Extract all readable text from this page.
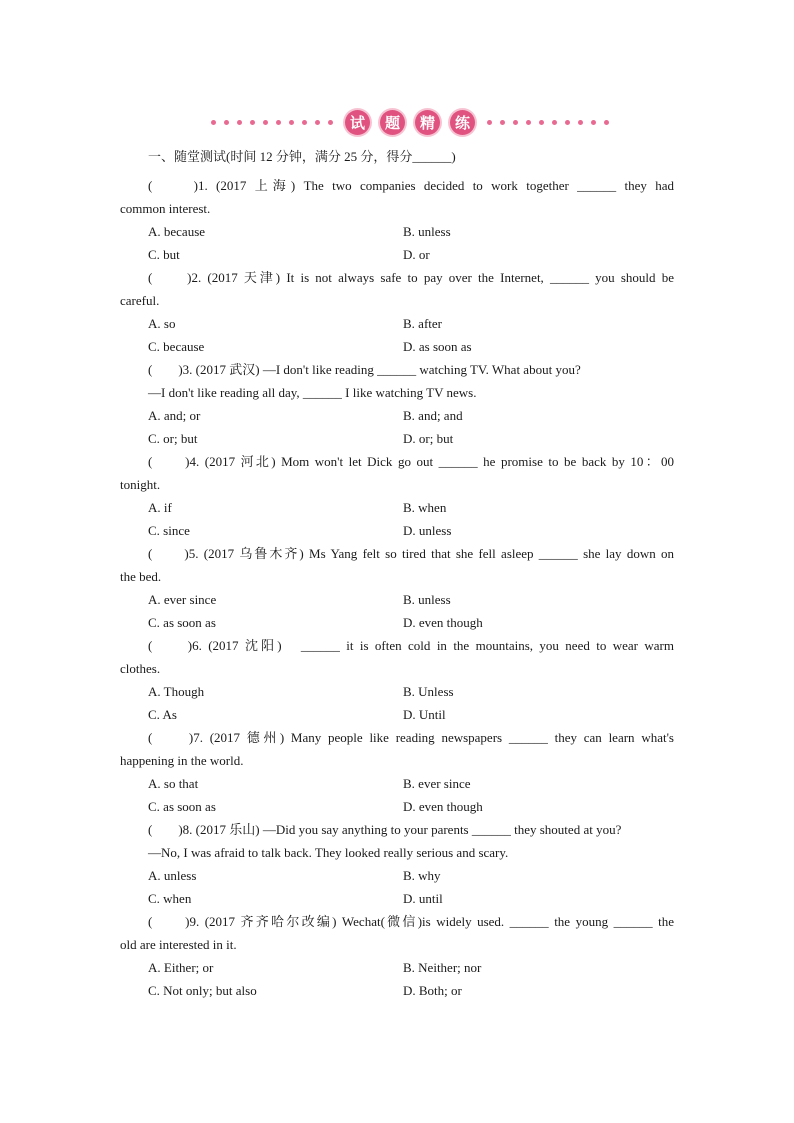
试	题	精	练
一、随堂测试(时间 12 分钟，满分 25 分，得分______)
(　　)1. (2017 上海) The two companies decided to work together ______ they had
common interest.
A. because	B. unless
C. but	D. or
(　　)2. (2017 天津) It is not always safe to pay over the Internet, ______ you should be
careful.
A. so	B. after
C. because	D. as soon as
(　　)3. (2017 武汉) —I don't like reading ______ watching TV. What about you?
—I don't like reading all day, ______ I like watching TV news.
A. and; or	B. and; and
C. or; but	D. or; but
(　　)4. (2017 河北) Mom won't let Dick go out ______ he promise to be back by 10：00
tonight.
A. if	B. when
C. since	D. unless
(　　)5. (2017 乌鲁木齐) Ms Yang felt so tired that she fell asleep ______ she lay down on
the bed.
A. ever since	B. unless
C. as soon as	D. even though
(　　)6. (2017 沈阳)　______ it is often cold in the mountains, you need to wear warm
clothes.
A. Though	B. Unless
C. As	D. Until
(　　)7. (2017 德州) Many people like reading newspapers ______ they can learn what's
happening in the world.
A. so that	B. ever since
C. as soon as	D. even though
(　　)8. (2017 乐山) —Did you say anything to your parents ______ they shouted at you?
—No, I was afraid to talk back. They looked really serious and scary.
A. unless	B. why
C. when	D. until
(　　)9. (2017 齐齐哈尔改编) Wechat(微信)is widely used. ______ the young ______ the
old are interested in it.
A. Either; or	B. Neither; nor
C. Not only; but also	D. Both; or
